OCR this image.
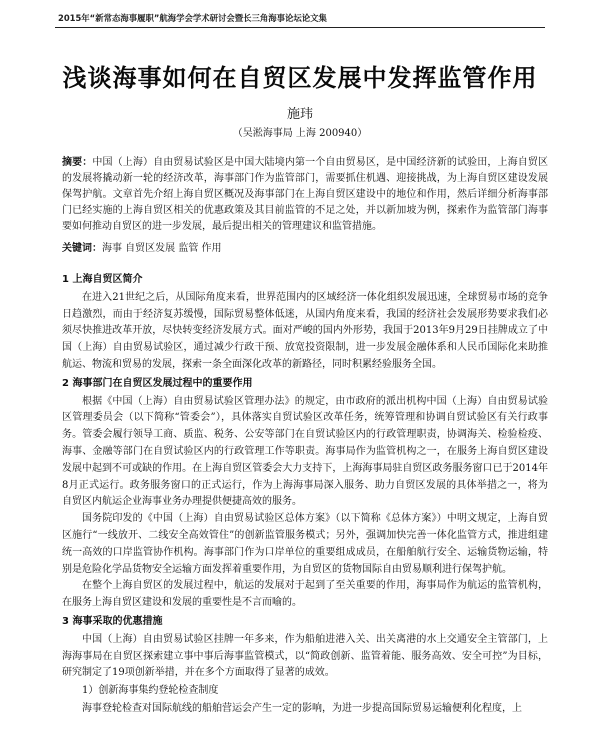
2015年“新常态海事履职”航海学会学术研讨会暨长三角海事论坛论文集
浅谈海事如何在自贸区发展中发挥监管作用
施玮
（吴淞海事局 上海 200940）
摘要：中国（上海）自由贸易试验区是中国大陆境内第一个自由贸易区，是中国经济新的试验田，上海自贸区的发展将撬动新一轮的经济改革，海事部门作为监管部门，需要抓住机遇、迎接挑战，为上海自贸区建设发展保驾护航。文章首先介绍上海自贸区概况及海事部门在上海自贸区建设中的地位和作用，然后详细分析海事部门已经实施的上海自贸区相关的优惠政策及其目前监管的不足之处，并以新加坡为例，探索作为监管部门海事要如何推动自贸区的进一步发展，最后提出相关的管理建议和监管措施。
关键词：海事 自贸区发展 监管 作用
1 上海自贸区简介

在进入21世纪之后，从国际角度来看，世界范围内的区域经济一体化组织发展迅速，全球贸易市场的竞争日趋激烈，而由于经济复苏缓慢，国际贸易整体低迷，从国内角度来看，我国的经济社会发展形势要求我们必须尽快推进改革开放，尽快转变经济发展方式。面对严峻的国内外形势，我国于2013年9月29日挂牌成立了中国（上海）自由贸易试验区，通过减少行政干预、放宽投资限制，进一步发展金融体系和人民币国际化来助推航运、物流和贸易的发展，探索一条全面深化改革的新路径，同时积累经验服务全国。

2 海事部门在自贸区发展过程中的重要作用

根据《中国（上海）自由贸易试验区管理办法》的规定，由市政府的派出机构中国（上海）自由贸易试验区管理委员会（以下简称“管委会”），具体落实自贸试验区改革任务，统筹管理和协调自贸试验区有关行政事务。管委会履行领导工商、质监、税务、公安等部门在自贸试验区内的行政管理职责，协调海关、检验检疫、海事、金融等部门在自贸试验区内的行政管理工作等职责。海事局作为监管机构之一，在服务上海自贸区建设发展中起到不可或缺的作用。在上海自贸区管委会大力支持下，上海海事局驻自贸区政务服务窗口已于2014年8月正式运行。政务服务窗口的正式运行，作为上海海事局深入服务、助力自贸区发展的具体举措之一，将为自贸区内航运企业海事业务办理提供便捷高效的服务。

国务院印发的《中国（上海）自由贸易试验区总体方案》（以下简称《总体方案》）中明文规定，上海自贸区施行“一线放开、二线安全高效管住”的创新监管服务模式；另外，强调加快完善一体化监管方式，推进组建统一高效的口岸监管协作机构。海事部门作为口岸单位的重要组成成员，在船舶航行安全、运输货物运输，特别是危险化学品货物安全运输方面发挥着重要作用，为自贸区的货物国际自由贸易顺利进行保驾护航。

在整个上海自贸区的发展过程中，航运的发展对于起到了至关重要的作用，海事局作为航运的监管机构，在服务上海自贸区建设和发展的重要性是不言而喻的。

3 海事采取的优惠措施

中国（上海）自由贸易试验区挂牌一年多来，作为船舶进港入关、出关离港的水上交通安全主管部门，上海海事局在自贸区探索建立事中事后海事监管模式，以“简政创新、监管着能、服务高效、安全可控”为目标，研究制定了19项创新举措，并在多个方面取得了显著的成效。

1）创新海事集约登轮检查制度

海事登轮检查对国际航线的船舶营运会产生一定的影响，为进一步提高国际贸易运输便利化程度，上
